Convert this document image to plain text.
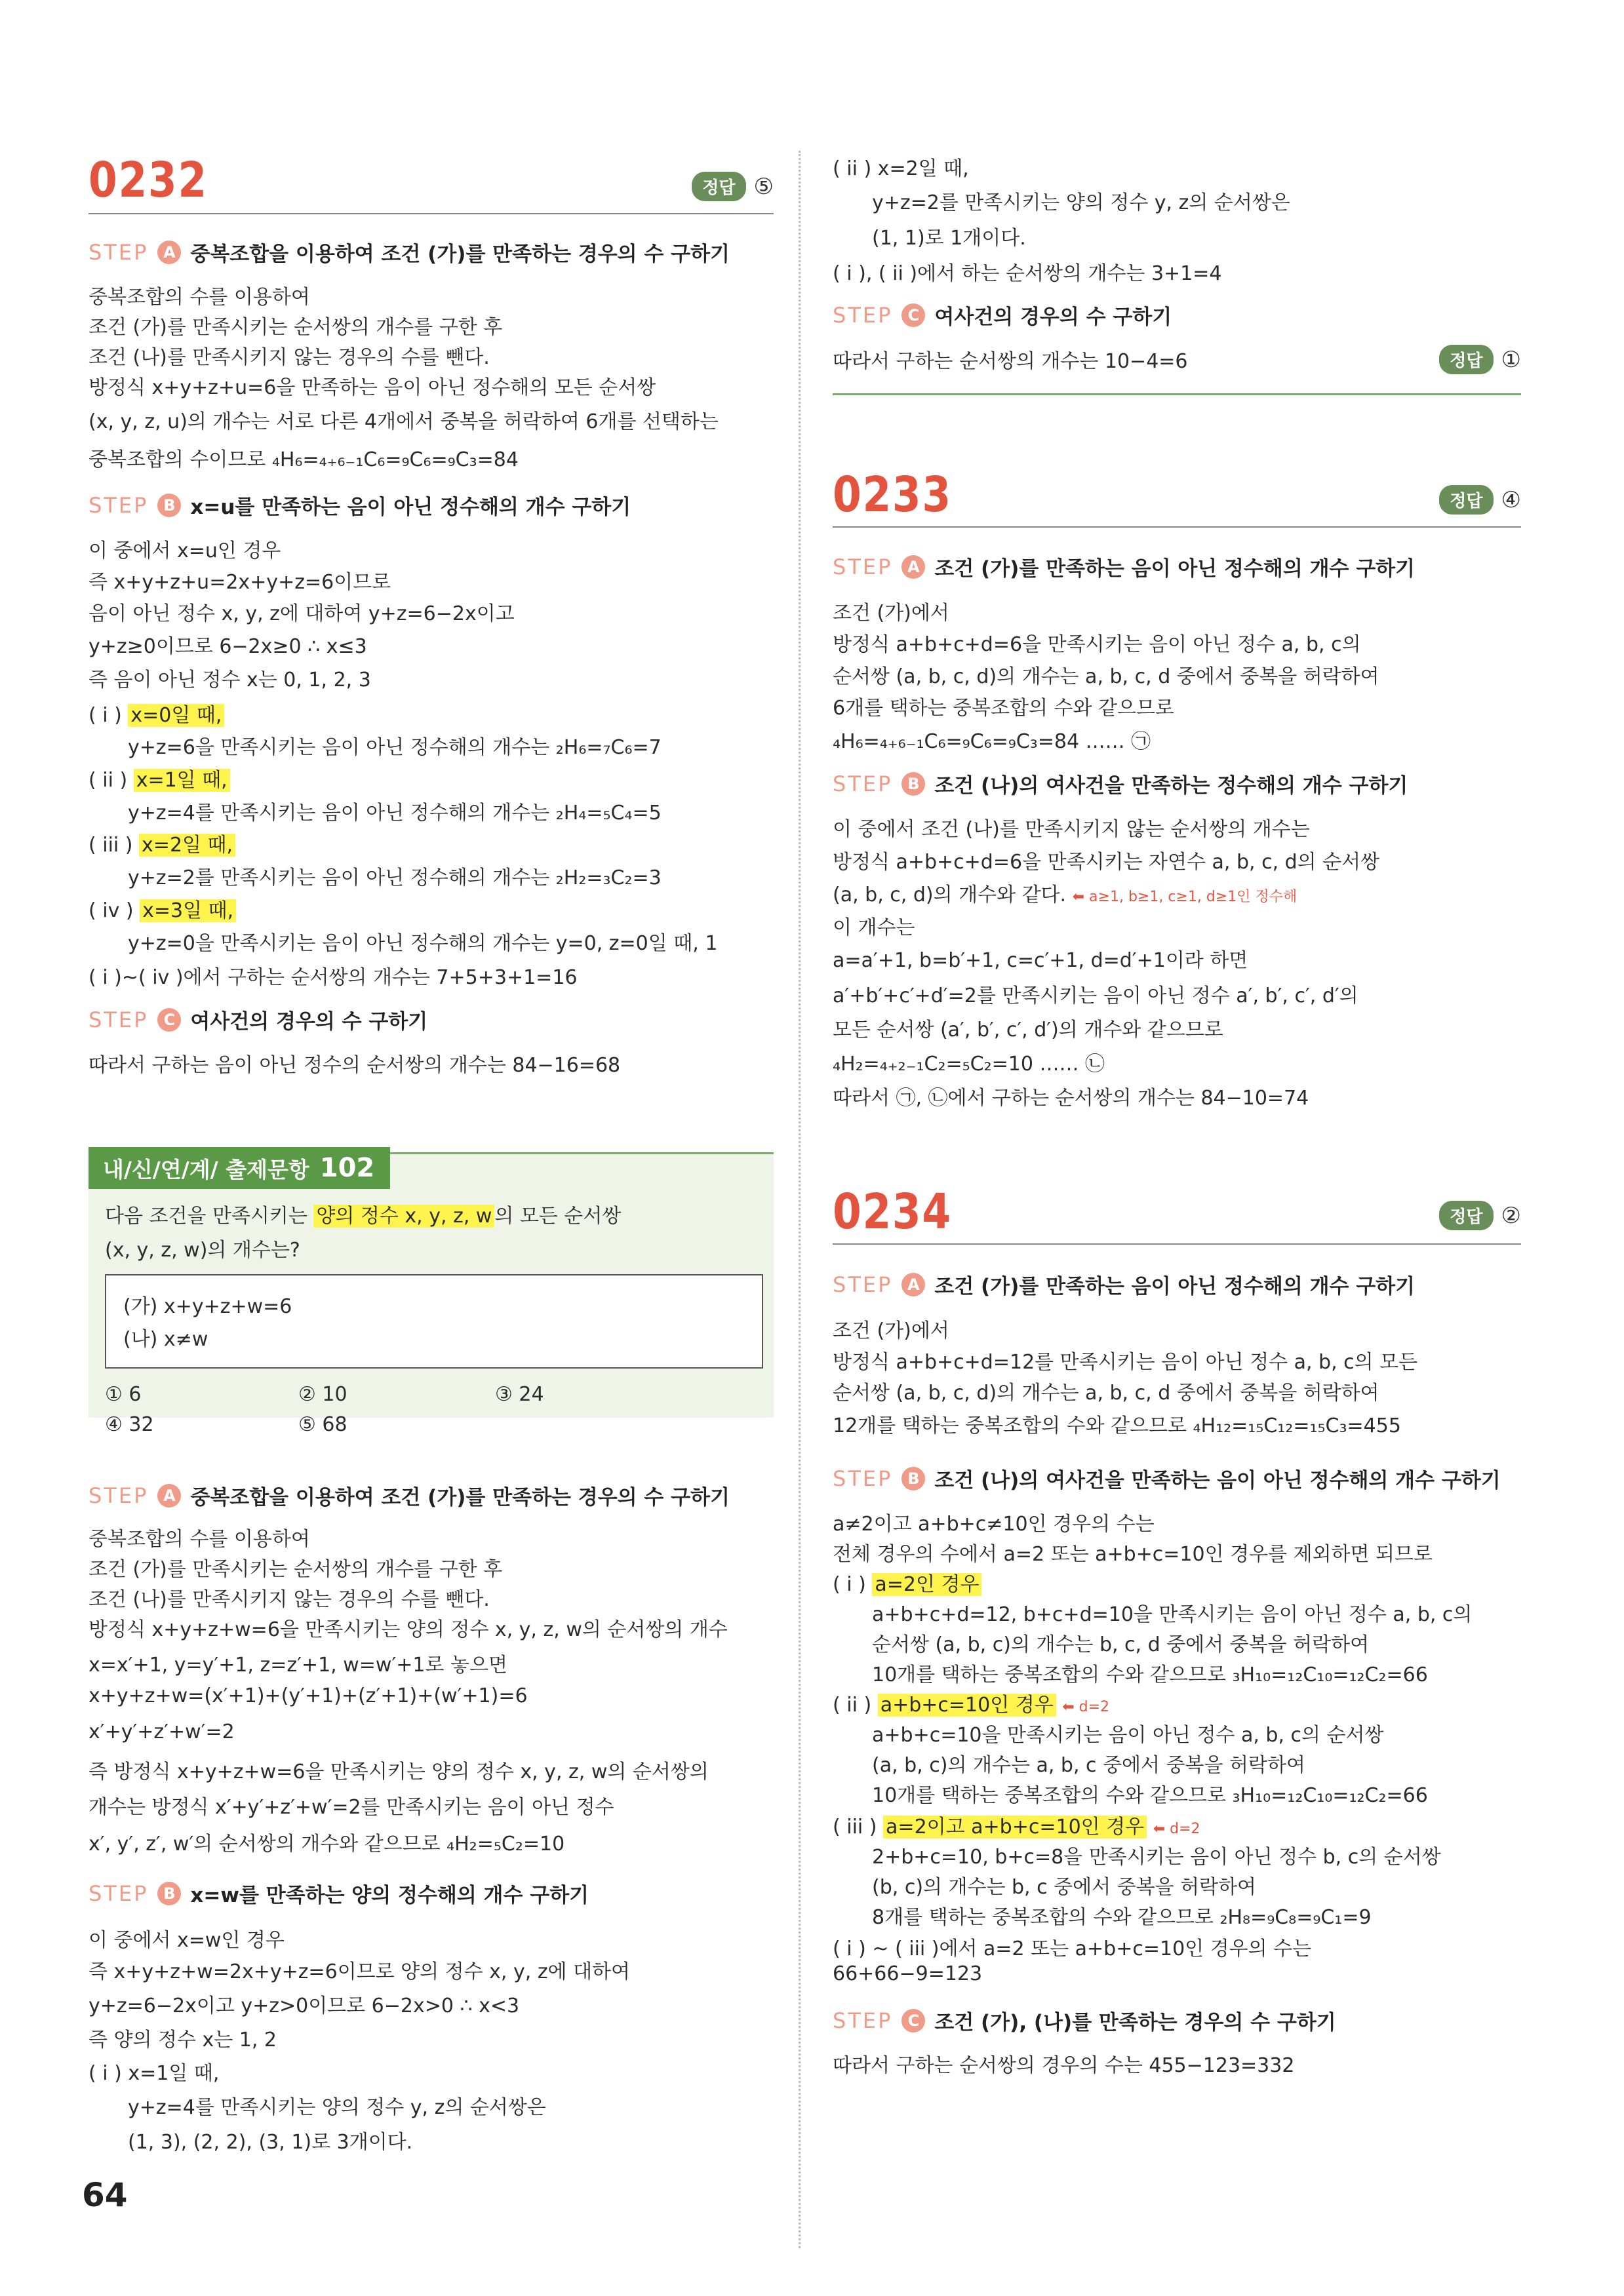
0232	정답 ⑤
STEP A 중복조합을 이용하여 조건 (가)를 만족하는 경우의 수 구하기
중복조합의 수를 이용하여
조건 (가)를 만족시키는 순서쌍의 개수를 구한 후
조건 (나)를 만족시키지 않는 경우의 수를 뺀다.
방정식 x+y+z+u=6을 만족하는 음이 아닌 정수해의 모든 순서쌍
(x, y, z, u)의 개수는 서로 다른 4개에서 중복을 허락하여 6개를 선택하는
중복조합의 수이므로 ₄H₆=₄₊₆₋₁C₆=₉C₆=₉C₃=84
STEP B x=u를 만족하는 음이 아닌 정수해의 개수 구하기
이 중에서 x=u인 경우
즉 x+y+z+u=2x+y+z=6이므로
음이 아닌 정수 x, y, z에 대하여 y+z=6−2x이고
y+z≥0이므로 6−2x≥0 ∴ x≤3
즉 음이 아닌 정수 x는 0, 1, 2, 3
( i ) x=0일 때,
y+z=6을 만족시키는 음이 아닌 정수해의 개수는 ₂H₆=₇C₆=7
( ii ) x=1일 때,
y+z=4를 만족시키는 음이 아닌 정수해의 개수는 ₂H₄=₅C₄=5
( iii ) x=2일 때,
y+z=2를 만족시키는 음이 아닌 정수해의 개수는 ₂H₂=₃C₂=3
( iv ) x=3일 때,
y+z=0을 만족시키는 음이 아닌 정수해의 개수는 y=0, z=0일 때, 1
( i )~( iv )에서 구하는 순서쌍의 개수는 7+5+3+1=16
STEP C 여사건의 경우의 수 구하기
따라서 구하는 음이 아닌 정수의 순서쌍의 개수는 84−16=68
내/신/연/계/ 출제문항 102
다음 조건을 만족시키는 양의 정수 x, y, z, w 의 모든 순서쌍
(x, y, z, w)의 개수는?
(가) x+y+z+w=6
(나) x≠w
① 6	② 10	③ 24
④ 32	⑤ 68
STEP A 중복조합을 이용하여 조건 (가)를 만족하는 경우의 수 구하기
중복조합의 수를 이용하여
조건 (가)를 만족시키는 순서쌍의 개수를 구한 후
조건 (나)를 만족시키지 않는 경우의 수를 뺀다.
방정식 x+y+z+w=6을 만족시키는 양의 정수 x, y, z, w의 순서쌍의 개수
x=x′+1, y=y′+1, z=z′+1, w=w′+1로 놓으면
x+y+z+w=(x′+1)+(y′+1)+(z′+1)+(w′+1)=6
x′+y′+z′+w′=2
즉 방정식 x+y+z+w=6을 만족시키는 양의 정수 x, y, z, w의 순서쌍의
개수는 방정식 x′+y′+z′+w′=2를 만족시키는 음이 아닌 정수
x′, y′, z′, w′의 순서쌍의 개수와 같으므로 ₄H₂=₅C₂=10
STEP B x=w를 만족하는 양의 정수해의 개수 구하기
이 중에서 x=w인 경우
즉 x+y+z+w=2x+y+z=6이므로 양의 정수 x, y, z에 대하여
y+z=6−2x이고 y+z>0이므로 6−2x>0 ∴ x<3
즉 양의 정수 x는 1, 2
( i ) x=1일 때,
y+z=4를 만족시키는 양의 정수 y, z의 순서쌍은
(1, 3), (2, 2), (3, 1)로 3개이다.
64
( ii ) x=2일 때,
y+z=2를 만족시키는 양의 정수 y, z의 순서쌍은
(1, 1)로 1개이다.
( i ), ( ii )에서 하는 순서쌍의 개수는 3+1=4
STEP C 여사건의 경우의 수 구하기
따라서 구하는 순서쌍의 개수는 10−4=6	정답 ①
0233	정답 ④
STEP A 조건 (가)를 만족하는 음이 아닌 정수해의 개수 구하기
조건 (가)에서
방정식 a+b+c+d=6을 만족시키는 음이 아닌 정수 a, b, c의
순서쌍 (a, b, c, d)의 개수는 a, b, c, d 중에서 중복을 허락하여
6개를 택하는 중복조합의 수와 같으므로
₄H₆=₄₊₆₋₁C₆=₉C₆=₉C₃=84 …… ㉠
STEP B 조건 (나)의 여사건을 만족하는 정수해의 개수 구하기
이 중에서 조건 (나)를 만족시키지 않는 순서쌍의 개수는
방정식 a+b+c+d=6을 만족시키는 자연수 a, b, c, d의 순서쌍
(a, b, c, d)의 개수와 같다. ⬅ a≥1, b≥1, c≥1, d≥1인 정수해
이 개수는
a=a′+1, b=b′+1, c=c′+1, d=d′+1이라 하면
a′+b′+c′+d′=2를 만족시키는 음이 아닌 정수 a′, b′, c′, d′의
모든 순서쌍 (a′, b′, c′, d′)의 개수와 같으므로
₄H₂=₄₊₂₋₁C₂=₅C₂=10 …… ㉡
따라서 ㉠, ㉡에서 구하는 순서쌍의 개수는 84−10=74
0234	정답 ②
STEP A 조건 (가)를 만족하는 음이 아닌 정수해의 개수 구하기
조건 (가)에서
방정식 a+b+c+d=12를 만족시키는 음이 아닌 정수 a, b, c의 모든
순서쌍 (a, b, c, d)의 개수는 a, b, c, d 중에서 중복을 허락하여
12개를 택하는 중복조합의 수와 같으므로 ₄H₁₂=₁₅C₁₂=₁₅C₃=455
STEP B 조건 (나)의 여사건을 만족하는 음이 아닌 정수해의 개수 구하기
a≠2이고 a+b+c≠10인 경우의 수는
전체 경우의 수에서 a=2 또는 a+b+c=10인 경우를 제외하면 되므로
( i ) a=2인 경우
a+b+c+d=12, b+c+d=10을 만족시키는 음이 아닌 정수 a, b, c의
순서쌍 (a, b, c)의 개수는 b, c, d 중에서 중복을 허락하여
10개를 택하는 중복조합의 수와 같으므로 ₃H₁₀=₁₂C₁₀=₁₂C₂=66
( ii ) a+b+c=10인 경우 ⬅ d=2
a+b+c=10을 만족시키는 음이 아닌 정수 a, b, c의 순서쌍
(a, b, c)의 개수는 a, b, c 중에서 중복을 허락하여
10개를 택하는 중복조합의 수와 같으므로 ₃H₁₀=₁₂C₁₀=₁₂C₂=66
( iii ) a=2이고 a+b+c=10인 경우 ⬅ d=2
2+b+c=10, b+c=8을 만족시키는 음이 아닌 정수 b, c의 순서쌍
(b, c)의 개수는 b, c 중에서 중복을 허락하여
8개를 택하는 중복조합의 수와 같으므로 ₂H₈=₉C₈=₉C₁=9
( i ) ~ ( iii )에서 a=2 또는 a+b+c=10인 경우의 수는
66+66−9=123
STEP C 조건 (가), (나)를 만족하는 경우의 수 구하기
따라서 구하는 순서쌍의 경우의 수는 455−123=332
